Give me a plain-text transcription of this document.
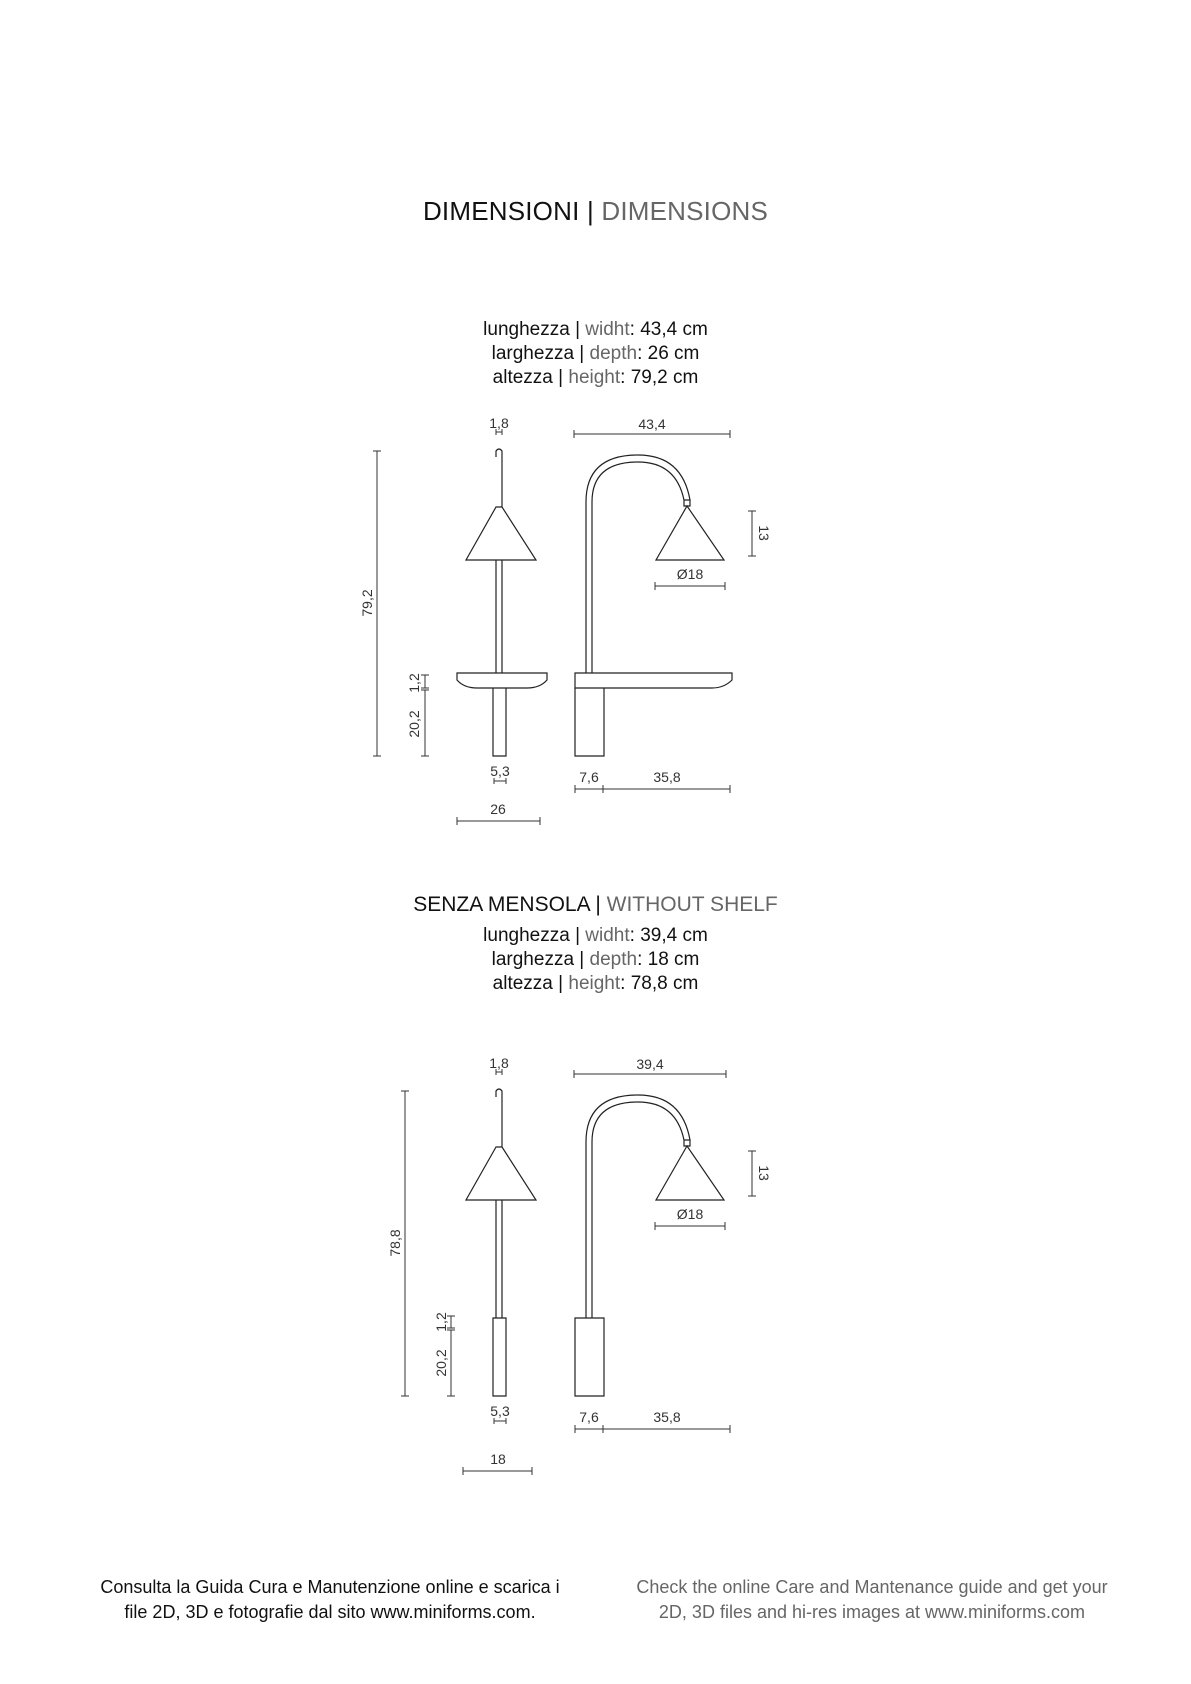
DIMENSIONI | DIMENSIONS
lunghezza | widht: 43,4 cm
larghezza | depth: 26 cm
altezza | height: 79,2 cm
1,8	43,4
13
Ø18
79,2
1,2
20,2
5,3	7,6	35,8
26
SENZA MENSOLA | WITHOUT SHELF
lunghezza | widht: 39,4 cm
larghezza | depth: 18 cm
altezza | height: 78,8 cm
1,8	39,4
13
Ø18
78,8
1,2
20,2
5,3	7,6	35,8
18
Consulta la Guida Cura e Manutenzione online e scarica i
file 2D, 3D e fotografie dal sito www.miniforms.com.
Check the online Care and Mantenance guide and get your
2D, 3D files and hi-res images at www.miniforms.com
